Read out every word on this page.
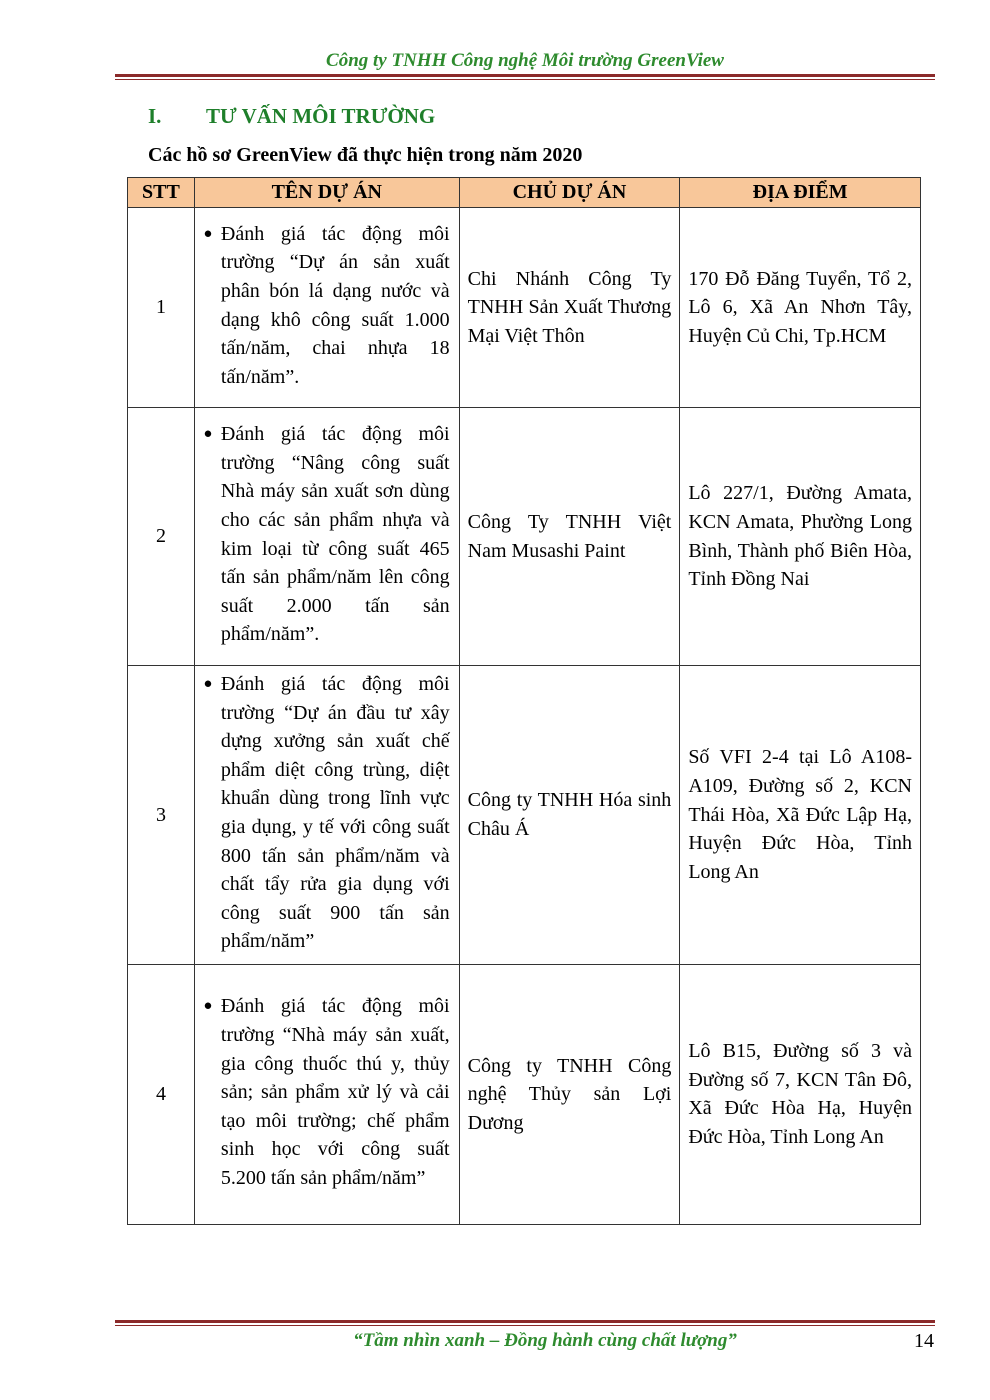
Công ty TNHH Công nghệ Môi trường GreenView
I. TƯ VẤN MÔI TRƯỜNG
Các hồ sơ GreenView đã thực hiện trong năm 2020
STT	TÊN DỰ ÁN	CHỦ DỰ ÁN	ĐỊA ĐIỂM
1	● Đánh giá tác động môi trường “Dự án sản xuất phân bón lá dạng nước và dạng khô công suất 1.000 tấn/năm, chai nhựa 18 tấn/năm”.	Chi Nhánh Công Ty TNHH Sản Xuất Thương Mại Việt Thôn	170 Đỗ Đăng Tuyển, Tổ 2, Lô 6, Xã An Nhơn Tây, Huyện Củ Chi, Tp.HCM
2	● Đánh giá tác động môi trường “Nâng công suất Nhà máy sản xuất sơn dùng cho các sản phẩm nhựa và kim loại từ công suất 465 tấn sản phẩm/năm lên công suất 2.000 tấn sản phẩm/năm”.	Công Ty TNHH Việt Nam Musashi Paint	Lô 227/1, Đường Amata, KCN Amata, Phường Long Bình, Thành phố Biên Hòa, Tỉnh Đồng Nai
3	● Đánh giá tác động môi trường “Dự án đầu tư xây dựng xưởng sản xuất chế phẩm diệt công trùng, diệt khuẩn dùng trong lĩnh vực gia dụng, y tế với công suất 800 tấn sản phẩm/năm và chất tẩy rửa gia dụng với công suất 900 tấn sản phẩm/năm”	Công ty TNHH Hóa sinh Châu Á	Số VFI 2-4 tại Lô A108-A109, Đường số 2, KCN Thái Hòa, Xã Đức Lập Hạ, Huyện Đức Hòa, Tỉnh Long An
4	● Đánh giá tác động môi trường “Nhà máy sản xuất, gia công thuốc thú y, thủy sản; sản phẩm xử lý và cải tạo môi trường; chế phẩm sinh học với công suất 5.200 tấn sản phẩm/năm”	Công ty TNHH Công nghệ Thủy sản Lợi Dương	Lô B15, Đường số 3 và Đường số 7, KCN Tân Đô, Xã Đức Hòa Hạ, Huyện Đức Hòa, Tỉnh Long An
“Tầm nhìn xanh – Đồng hành cùng chất lượng”	14
